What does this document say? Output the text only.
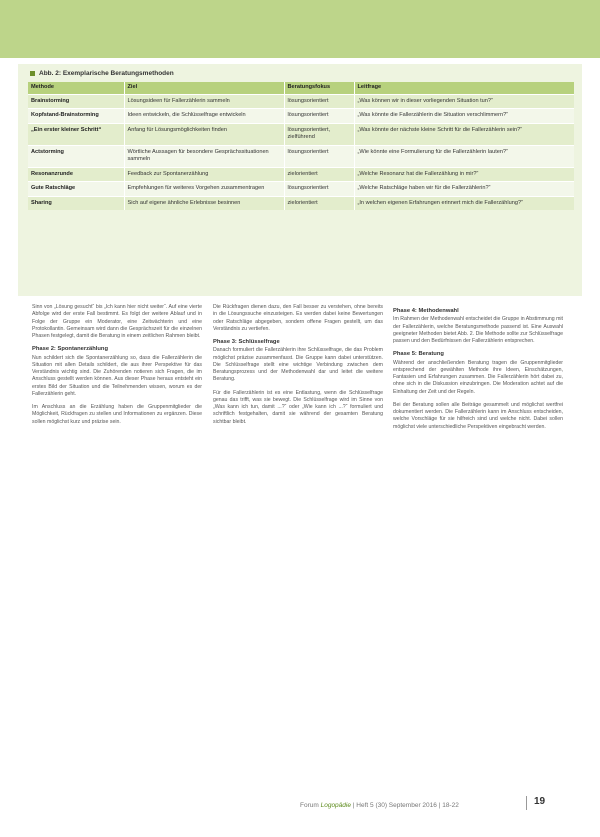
Abb. 2: Exemplarische Beratungsmethoden
Methode	Ziel	Beratungsfokus	Leitfrage
Brainstorming	Lösungsideen für Fallerzählerin sammeln	lösungsorientiert	„Was können wir in dieser vorliegenden Situation tun?“
Kopfstand-Brainstorming	Ideen entwickeln, die Schlüsselfrage entwickeln	lösungsorientiert	„Was könnte die Fallerzählerin die Situation verschlimmern?“
„Ein erster kleiner Schritt“	Anfang für Lösungsmöglichkeiten finden	lösungsorientiert, zielführend	„Was könnte der nächste kleine Schritt für die Fallerzählerin sein?“
Actstorming	Wörtliche Aussagen für besondere Gesprächssituationen sammeln	lösungsorientiert	„Wie könnte eine Formulierung für die Fallerzählerin lauten?“
Resonanzrunde	Feedback zur Spontanerzählung	zielorientiert	„Welche Resonanz hat die Fallerzählung in mir?“
Gute Ratschläge	Empfehlungen für weiteres Vorgehen zusammentragen	lösungsorientiert	„Welche Ratschläge haben wir für die Fallerzählerin?“
Sharing	Sich auf eigene ähnliche Erlebnisse besinnen	zielorientiert	„In welchen eigenen Erfahrungen erinnert mich die Fallerzählung?“

Sinn von „Lösung gesucht“ bis „Ich kann hier nicht weiter“. Auf eine vierte Abfolge wird der erste Fall bestimmt. Es folgt der weitere Ablauf und in Folge der Gruppe ein Moderator, eine Zeitwächterin und eine Protokollantin. Gemeinsam wird dann die Gesprächszeit für die einzelnen Phasen festgelegt, damit die Beratung in einem zeitlichen Rahmen bleibt.

Phase 2: Spontanerzählung

Nun schildert sich die Spontanerzählung so, dass die Fallerzählerin die Situation mit allen Details schildert, die aus ihrer Perspektive für das Verständnis wichtig sind. Die Zuhörenden notieren sich Fragen, die im Anschluss gestellt werden können. Aus dieser Phase heraus entsteht ein erstes Bild der Situation und die Teilnehmenden wissen, worum es der Fallerzählerin geht.

Im Anschluss an die Erzählung haben die Gruppenmitglieder die Möglichkeit, Rückfragen zu stellen und Informationen zu ergänzen. Diese sollen möglichst kurz und präzise sein.

Die Rückfragen dienen dazu, den Fall besser zu verstehen, ohne bereits in die Lösungssuche einzusteigen. Es werden dabei keine Bewertungen oder Ratschläge abgegeben, sondern offene Fragen gestellt, um das Verständnis zu vertiefen.

Phase 3: Schlüsselfrage

Danach formuliert die Fallerzählerin ihre Schlüsselfrage, die das Problem möglichst präzise zusammenfasst. Die Gruppe kann dabei unterstützen. Die Schlüsselfrage stellt eine wichtige Verbindung zwischen dem Beratungsprozess und der Methodenwahl dar und leitet die weitere Beratung.

Für die Fallerzählerin ist es eine Entlastung, wenn die Schlüsselfrage genau das trifft, was sie bewegt. Die Schlüsselfrage wird im Sinne von „Was kann ich tun, damit ...?“ oder „Wie kann ich ...?“ formuliert und schriftlich festgehalten, damit sie während der gesamten Beratung sichtbar bleibt.

Phase 4: Methodenwahl

Im Rahmen der Methodenwahl entscheidet die Gruppe in Abstimmung mit der Fallerzählerin, welche Beratungsmethode passend ist. Eine Auswahl geeigneter Methoden bietet Abb. 2. Die Methode sollte zur Schlüsselfrage passen und den Bedürfnissen der Fallerzählerin entsprechen.

Phase 5: Beratung

Während der anschließenden Beratung tragen die Gruppenmitglieder entsprechend der gewählten Methode ihre Ideen, Einschätzungen, Fantasien und Erfahrungen zusammen. Die Fallerzählerin hört dabei zu, ohne sich in die Diskussion einzubringen. Die Moderation achtet auf die Einhaltung der Zeit und der Regeln.

Bei der Beratung sollen alle Beiträge gesammelt und möglichst wertfrei dokumentiert werden. Die Fallerzählerin kann im Anschluss entscheiden, welche Vorschläge für sie hilfreich sind und welche nicht. Dabei sollen möglichst viele unterschiedliche Perspektiven eingebracht werden.

Forum Logopädie | Heft 5 (30) September 2016 | 18-22	19
